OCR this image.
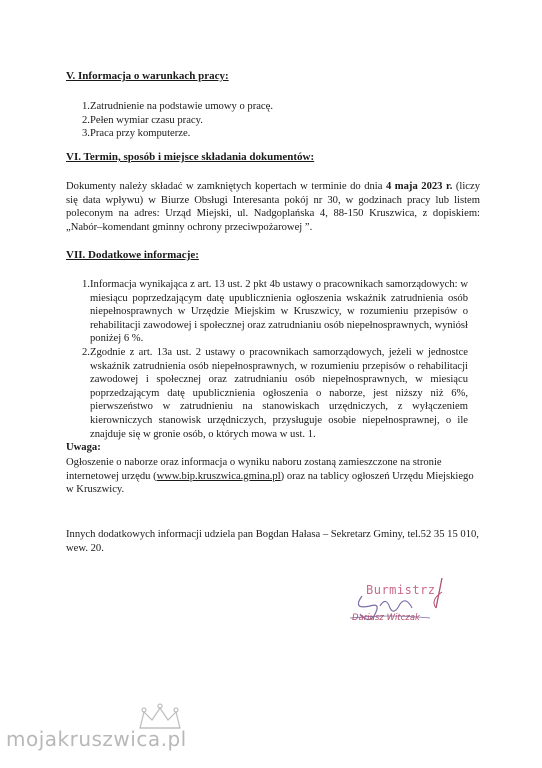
V. Informacja o warunkach pracy:
1. Zatrudnienie na podstawie umowy o pracę.
2. Pełen wymiar czasu pracy.
3. Praca przy komputerze.
VI. Termin, sposób i miejsce składania dokumentów:
Dokumenty należy składać w zamkniętych kopertach w terminie do dnia 4 maja 2023 r. (liczy się data wpływu) w Biurze Obsługi Interesanta pokój nr 30, w godzinach pracy lub listem poleconym na adres: Urząd Miejski, ul. Nadgoplańska 4, 88-150 Kruszwica, z dopiskiem: „Nabór–komendant gminny ochrony przeciwpożarowej ”.
VII. Dodatkowe informacje:
1. Informacja wynikająca z art. 13 ust. 2 pkt 4b ustawy o pracownikach samorządowych: w miesiącu poprzedzającym datę upublicznienia ogłoszenia wskaźnik zatrudnienia osób niepełnosprawnych w Urzędzie Miejskim w Kruszwicy, w rozumieniu przepisów o rehabilitacji zawodowej i społecznej oraz zatrudnianiu osób niepełnosprawnych, wyniósł poniżej 6 %.
2. Zgodnie z art. 13a ust. 2 ustawy o pracownikach samorządowych, jeżeli w jednostce wskaźnik zatrudnienia osób niepełnosprawnych, w rozumieniu przepisów o rehabilitacji zawodowej i społecznej oraz zatrudnianiu osób niepełnosprawnych, w miesiącu poprzedzającym datę upublicznienia ogłoszenia o naborze, jest niższy niż 6%, pierwszeństwo w zatrudnieniu na stanowiskach urzędniczych, z wyłączeniem kierowniczych stanowisk urzędniczych, przysługuje osobie niepełnosprawnej, o ile znajduje się w gronie osób, o których mowa w ust. 1.
Uwaga:
Ogłoszenie o naborze oraz informacja o wyniku naboru zostaną zamieszczone na stronie internetowej urzędu (www.bip.kruszwica.gmina.pl) oraz na tablicy ogłoszeń Urzędu Miejskiego w Kruszwicy.
Innych dodatkowych informacji udziela pan Bogdan Hałasa – Sekretarz Gminy, tel.52 35 15 010, wew. 20.
Burmistrz
Dariusz Witczak
mojakruszwica.pl
